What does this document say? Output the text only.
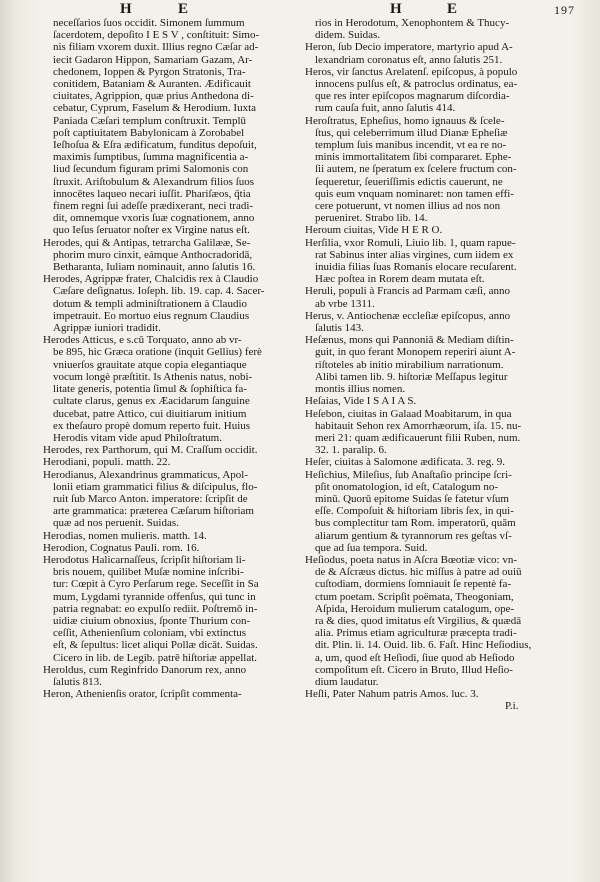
H	E	H	E	197
neceſſarios ſuos occidit. Simonem ſummum
ſacerdotem, depoſito I E S V , conſtituit: Simo-
nis filiam vxorem duxit. Illius regno Cæſar ad-
iecit Gadaron Hippon, Samariam Gazam, Ar-
chedonem, Ioppen & Pyrgon Stratonis, Tra-
conitidem, Bataniam & Auranten. Ædificauit
ciuitates, Agrippion, quæ prius Anthedona di-
cebatur, Cyprum, Faselum & Herodium. Iuxta
Paniada Cæſari templum conſtruxit. Templū
poſt captiuitatem Babylonicam à Zorobabel
Ieſhoſua & Eſra ædificatum, funditus depoſuit,
maximis ſumptibus, ſumma magnificentia a-
liud ſecundum figuram primi Salomonis con
ſtruxit. Ariſtobulum & Alexandrum filios ſuos
innocētes laqueo necari iuſſit. Phariſæos, q̄tia
finem regni ſui adeſſe prædixerant, neci tradi-
dit, omnemque vxoris ſuæ cognationem, anno
quo Ieſus ſeruator noſter ex Virgine natus eſt.
Herodes, qui & Antipas, tetrarcha Galilææ, Se-
phorim muro cinxit, eámque Anthocradoridā,
Betharanta, Iuliam nominauit, anno ſalutis 16.
Herodes, Agrippæ frater, Chalcidis rex à Claudio
Cæſare deſignatus. Ioſeph. lib. 19. cap. 4. Sacer-
dotum & templi adminiſtrationem à Claudio
impetrauit. Eo mortuo eius regnum Claudius
Agrippæ iuniori tradidit.
Herodes Atticus, e s.cū Torquato, anno ab vr-
be 895, hic Græca oratione (inquit Gellius) ferè
vniuerſos grauitate atque copia elegantiaque
vocum longè præſtitit. Is Athenis natus, nobi-
litate generis, potentia ſimul & ſophiſtica fa-
cultate clarus, genus ex Æacidarum ſanguine
ducebat, patre Attico, cui diuitiarum initium
ex theſauro propè domum reperto fuit. Huius
Herodis vitam vide apud Philoſtratum.
Herodes, rex Parthorum, qui M. Craſſum occidit.
Herodiani, populi. matth. 22.
Herodianus, Alexandrinus grammaticus, Apol-
lonii etiam grammatici filius & diſcipulus, flo-
ruit ſub Marco Anton. imperatore: ſcripſit de
arte grammatica: præterea Cæſarum hiſtoriam
quæ ad nos peruenit. Suidas.
Herodias, nomen mulieris. matth. 14.
Herodion, Cognatus Pauli. rom. 16.
Herodotus Halicarnaſſeus, ſcripſit hiſtoriam li-
bris nouem, quilibet Muſæ nomine inſcribi-
tur: Cœpit à Cyro Perſarum rege. Seceſſit in Sa
mum, Lygdami tyrannide offenſus, qui tunc in
patria regnabat: eo expulſo rediit. Poſtremō in-
uidiæ ciuium obnoxius, ſponte Thurium con-
ceſſit, Athenienſium coloniam, vbi extinctus
eſt, & ſepultus: licet aliqui Pollæ dicāt. Suidas.
Cicero in lib. de Legib. patrē hiſtoriæ appellat.
Heroldus, cum Reginfrido Danorum rex, anno
ſalutis 813.
Heron, Athenienſis orator, ſcripſit commenta-
rios in Herodotum, Xenophontem & Thucy-
didem. Suidas.
Heron, ſub Decio imperatore, martyrio apud A-
lexandriam coronatus eſt, anno ſalutis 251.
Heros, vir ſanctus Arelatenſ. epiſcopus, à populo
innocens pulſus eſt, & patroclus ordinatus, ea-
que res inter epiſcopos magnarum diſcordia-
rum cauſa fuit, anno ſalutis 414.
Heroſtratus, Epheſius, homo ignauus & ſcele-
ſtus, qui celeberrimum illud Dianæ Epheſiæ
templum ſuis manibus incendit, vt ea re no-
minis immortalitatem ſibi compararet. Ephe-
ſii autem, ne ſperatum ex ſcelere fructum con-
ſequeretur, ſeueriſſimis edictis cauerunt, ne
quis eum vnquam nominaret: non tamen effi-
cere potuerunt, vt nomen illius ad nos non
perueniret. Strabo lib. 14.
Heroum ciuitas, Vide H E R O.
Herſilia, vxor Romuli, Liuio lib. 1, quam rapue-
rat Sabinus inter alias virgines, cum iidem ex
inuidia filias ſuas Romanis elocare recuſarent.
Hæc poſtea in Rorem deam mutata eſt.
Heruli, populi à Francis ad Parmam cæſi, anno
ab vrbe 1311.
Herus, v. Antiochenæ eccleſiæ epiſcopus, anno
ſalutis 143.
Heſænus, mons qui Pannoniā & Mediam diſtin-
guit, in quo ferant Monopem reperiri aiunt A-
riſtoteles ab initio mirabilium narrationum.
Alibi tamen lib. 9. hiſtoriæ Meſſapus legitur
montis illius nomen.
Heſaias, Vide I S A I A S.
Heſebon, ciuitas in Galaad Moabitarum, in qua
habitauit Sehon rex Amorrhæorum, iſa. 15. nu-
meri 21: quam ædificauerunt filii Ruben, num.
32. 1. paralip. 6.
Heſer, ciuitas à Salomone ædificata. 3. reg. 9.
Heſichius, Mileſius, ſub Anaſtaſio principe ſcri-
pſit onomatologion, id eſt, Catalogum no-
minū. Quorū epitome Suidas ſe fatetur vſum
eſſe. Compoſuit & hiſtoriam libris ſex, in qui-
bus complectitur tam Rom. imperatorū, quām
aliarum gentium & tyrannorum res geſtas vſ-
que ad ſua tempora. Suid.
Heſiodus, poeta natus in Aſcra Bœotiæ vico: vn-
de & Aſcræus dictus. hic miſſus à patre ad ouiū
cuſtodiam, dormiens ſomniauit ſe repentè fa-
ctum poetam. Scripſit poëmata, Theogoniam,
Aſpida, Heroidum mulierum catalogum, ope-
ra & dies, quod imitatus eſt Virgilius, & quædā
alia. Primus etiam agriculturæ præcepta tradi-
dit. Plin. li. 14. Ouid. lib. 6. Faſt. Hinc Heſiodius,
a, um, quod eſt Heſiodi, ſiue quod ab Heſiodo
compoſitum eſt. Cicero in Bruto, Illud Heſio-
dium laudatur.
Heſli, Pater Nahum patris Amos. luc. 3.
P.i.
